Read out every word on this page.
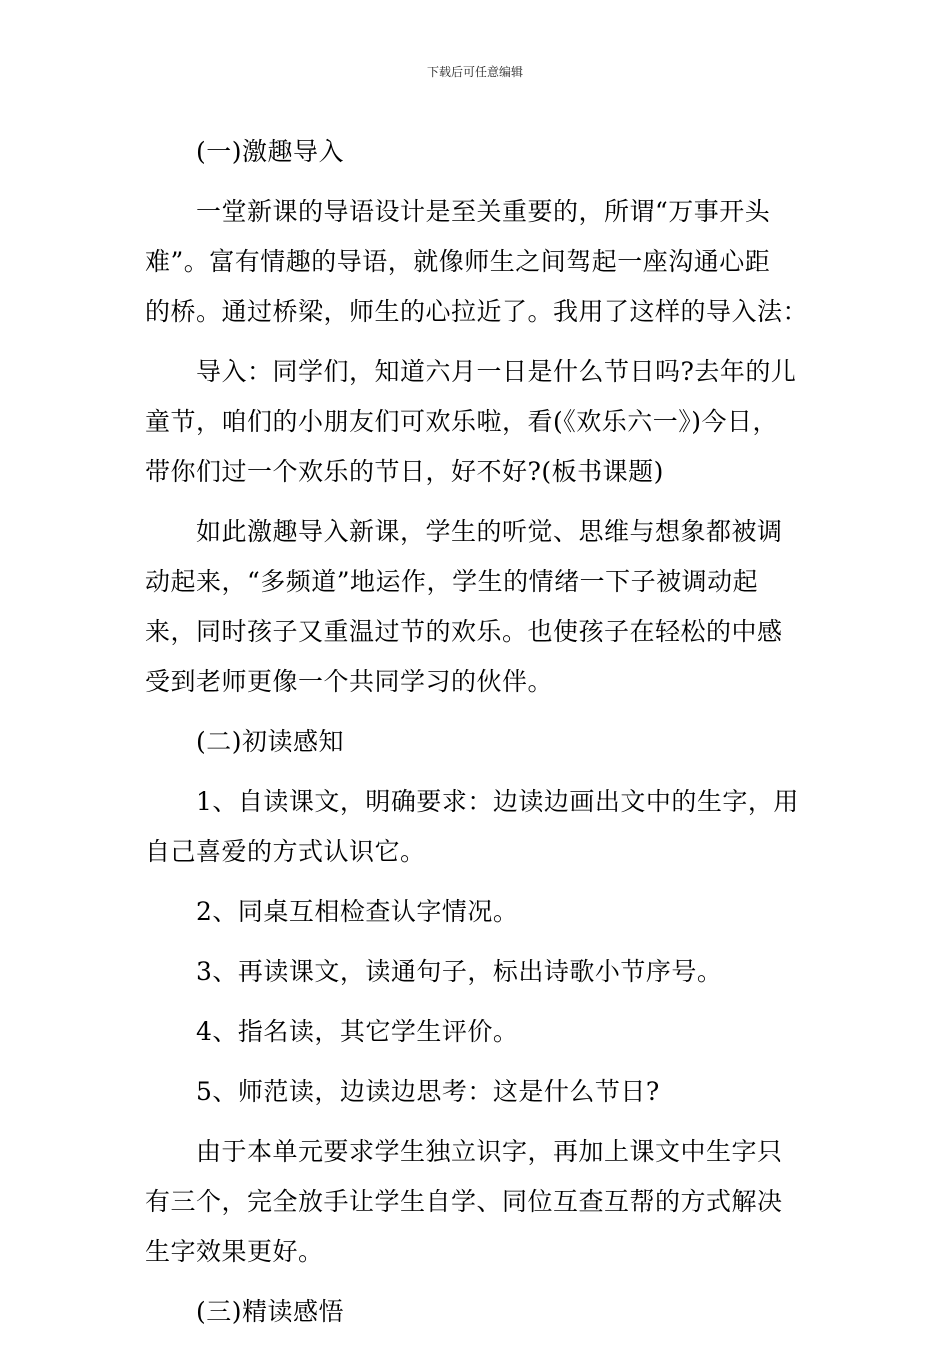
下载后可任意编辑

　　(一)激趣导入

　　一堂新课的导语设计是至关重要的，所谓“万事开头
难”。富有情趣的导语，就像师生之间驾起一座沟通心距
的桥。通过桥梁，师生的心拉近了。我用了这样的导入法：

　　导入：同学们，知道六月一日是什么节日吗?去年的儿
童节，咱们的小朋友们可欢乐啦，看(《欢乐六一》)今日，
带你们过一个欢乐的节日，好不好?(板书课题)

　　如此激趣导入新课，学生的听觉、思维与想象都被调
动起来，“多频道”地运作，学生的情绪一下子被调动起
来，同时孩子又重温过节的欢乐。也使孩子在轻松的中感
受到老师更像一个共同学习的伙伴。

　　(二)初读感知

　　1、自读课文，明确要求：边读边画出文中的生字，用
自己喜爱的方式认识它。

　　2、同桌互相检查认字情况。

　　3、再读课文，读通句子，标出诗歌小节序号。

　　4、指名读，其它学生评价。

　　5、师范读，边读边思考：这是什么节日?

　　由于本单元要求学生独立识字，再加上课文中生字只
有三个，完全放手让学生自学、同位互查互帮的方式解决
生字效果更好。

　　(三)精读感悟
